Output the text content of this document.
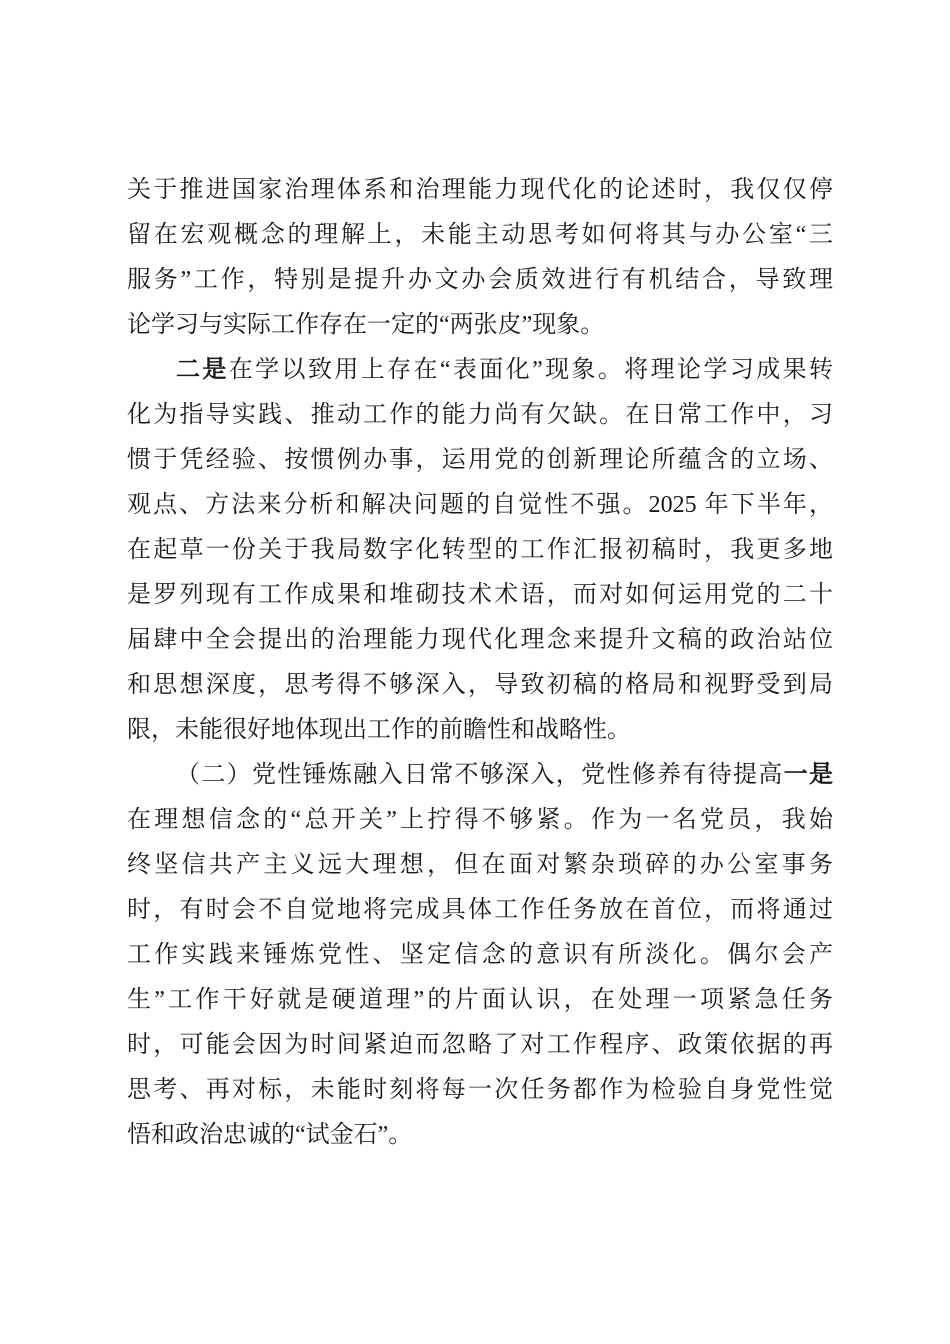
关于推进国家治理体系和治理能力现代化的论述时，我仅仅停
留在宏观概念的理解上，未能主动思考如何将其与办公室“三
服务”工作，特别是提升办文办会质效进行有机结合，导致理
论学习与实际工作存在一定的“两张皮”现象。
二是在学以致用上存在“表面化”现象。将理论学习成果转
化为指导实践、推动工作的能力尚有欠缺。在日常工作中，习
惯于凭经验、按惯例办事，运用党的创新理论所蕴含的立场、
观点、方法来分析和解决问题的自觉性不强。2025 年下半年，
在起草一份关于我局数字化转型的工作汇报初稿时，我更多地
是罗列现有工作成果和堆砌技术术语，而对如何运用党的二十
届肆中全会提出的治理能力现代化理念来提升文稿的政治站位
和思想深度，思考得不够深入，导致初稿的格局和视野受到局
限，未能很好地体现出工作的前瞻性和战略性。
（二）党性锤炼融入日常不够深入，党性修养有待提高一是
在理想信念的“总开关”上拧得不够紧。作为一名党员，我始
终坚信共产主义远大理想，但在面对繁杂琐碎的办公室事务
时，有时会不自觉地将完成具体工作任务放在首位，而将通过
工作实践来锤炼党性、坚定信念的意识有所淡化。偶尔会产
生”工作干好就是硬道理”的片面认识，在处理一项紧急任务
时，可能会因为时间紧迫而忽略了对工作程序、政策依据的再
思考、再对标，未能时刻将每一次任务都作为检验自身党性觉
悟和政治忠诚的“试金石”。
